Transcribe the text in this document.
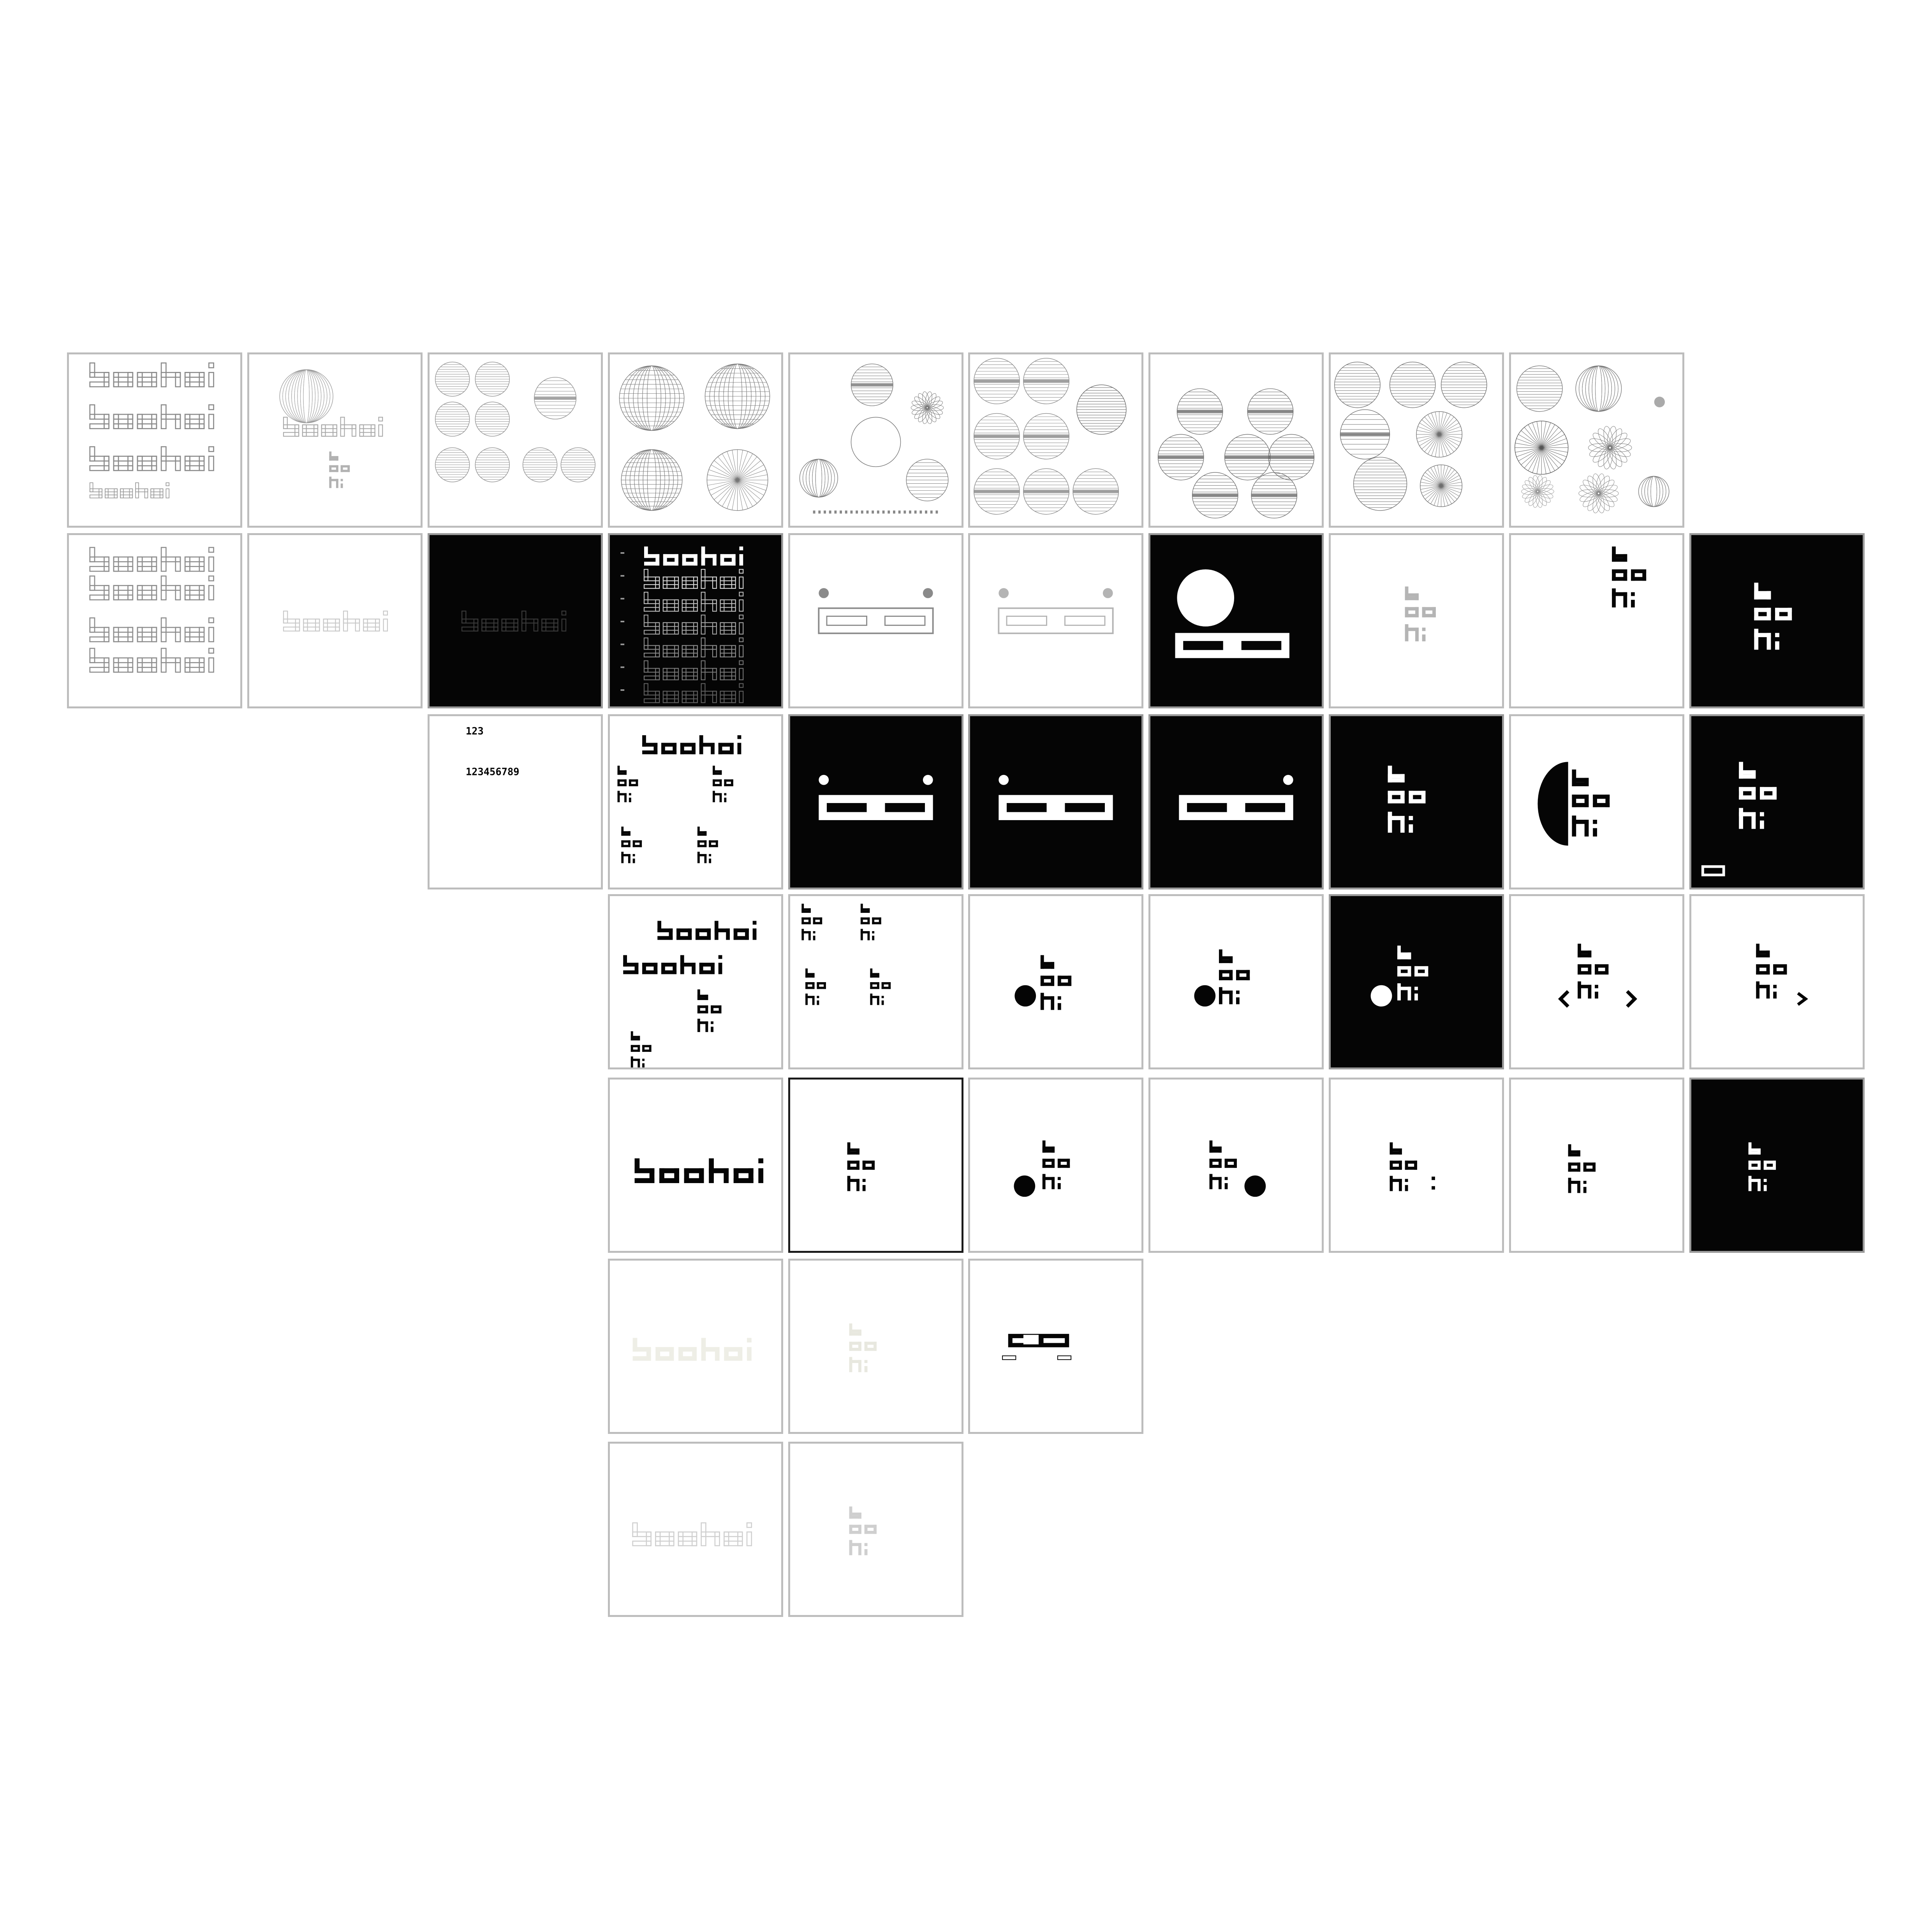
123
123456789
